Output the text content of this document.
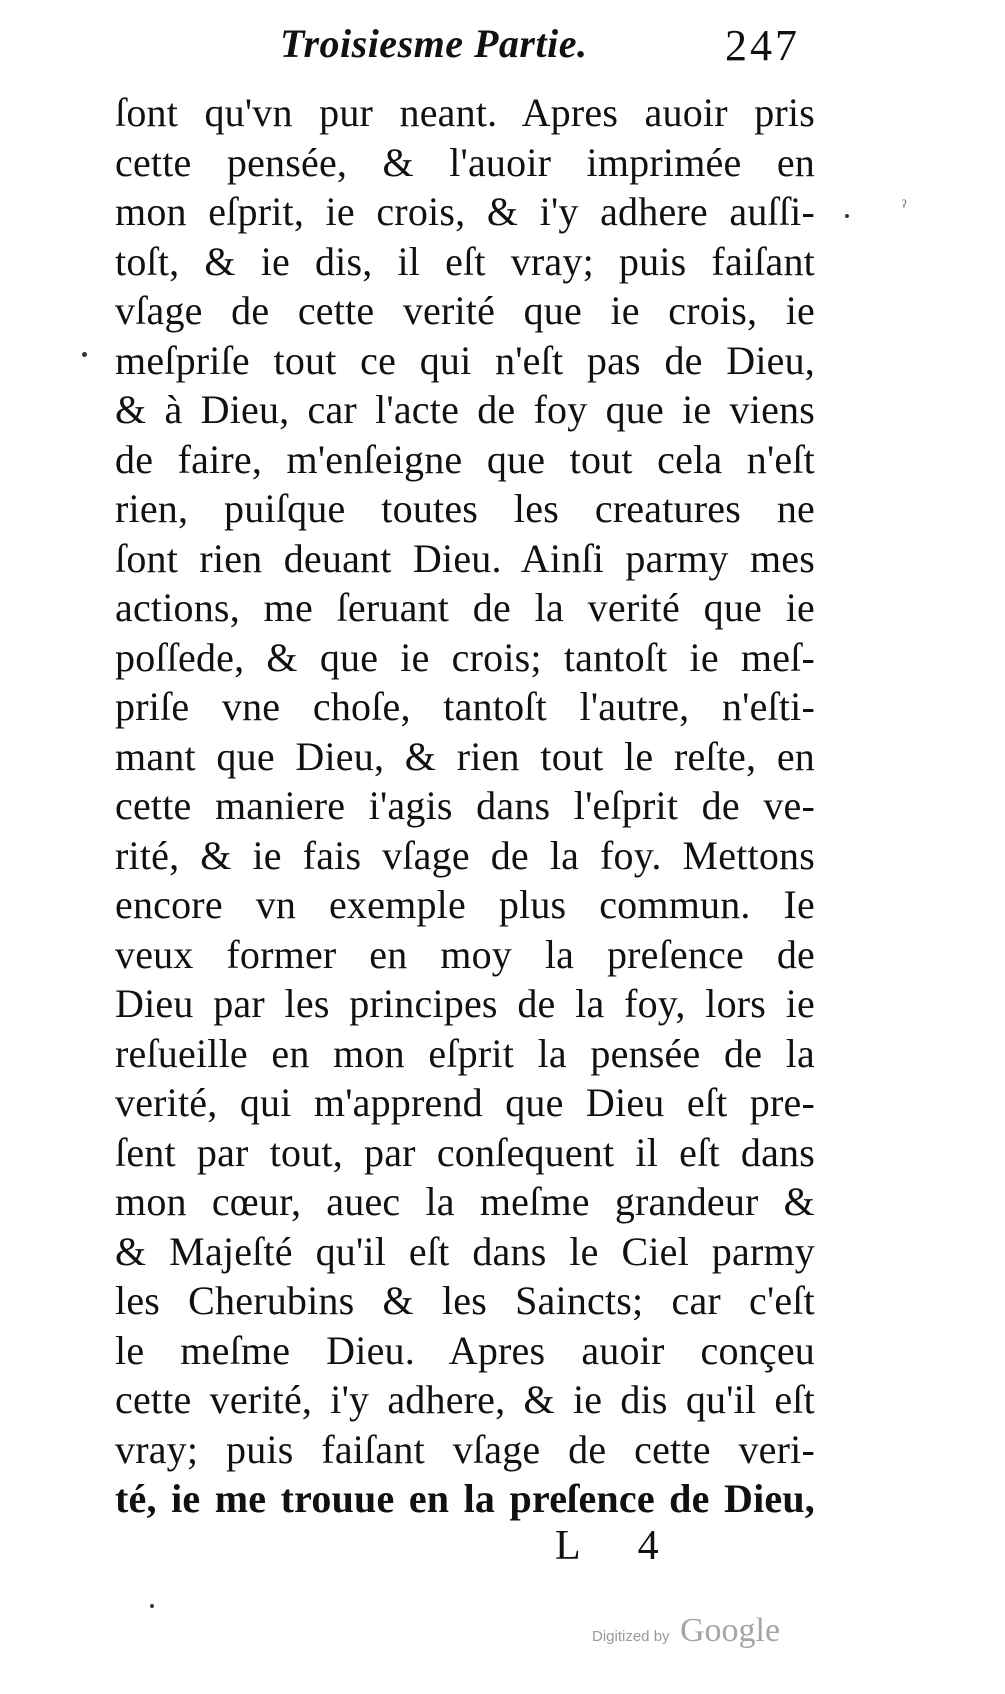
Troisiesme Partie.	247
ſont qu'vn pur neant. Apres auoir pris
cette pensée, & l'auoir imprimée en
mon eſprit, ie crois, & i'y adhere auſſi-
toſt, & ie dis, il eſt vray; puis faiſant
vſage de cette verité que ie crois, ie
meſpriſe tout ce qui n'eſt pas de Dieu,
& à Dieu, car l'acte de foy que ie viens
de faire, m'enſeigne que tout cela n'eſt
rien, puiſque toutes les creatures ne
ſont rien deuant Dieu. Ainſi parmy mes
actions, me ſeruant de la verité que ie
poſſede, & que ie crois; tantoſt ie meſ-
priſe vne choſe, tantoſt l'autre, n'eſti-
mant que Dieu, & rien tout le reſte, en
cette maniere i'agis dans l'eſprit de ve-
rité, & ie fais vſage de la foy. Mettons
encore vn exemple plus commun. Ie
veux former en moy la preſence de
Dieu par les principes de la foy, lors ie
reſueille en mon eſprit la pensée de la
verité, qui m'apprend que Dieu eſt pre-
ſent par tout, par conſequent il eſt dans
mon cœur, auec la meſme grandeur &
& Majeſté qu'il eſt dans le Ciel parmy
les Cherubins & les Saincts; car c'eſt
le meſme Dieu. Apres auoir conçeu
cette verité, i'y adhere, & ie dis qu'il eſt
vray; puis faiſant vſage de cette veri-
té, ie me trouue en la preſence de Dieu,
L 4
Digitized by Google
ˀ
